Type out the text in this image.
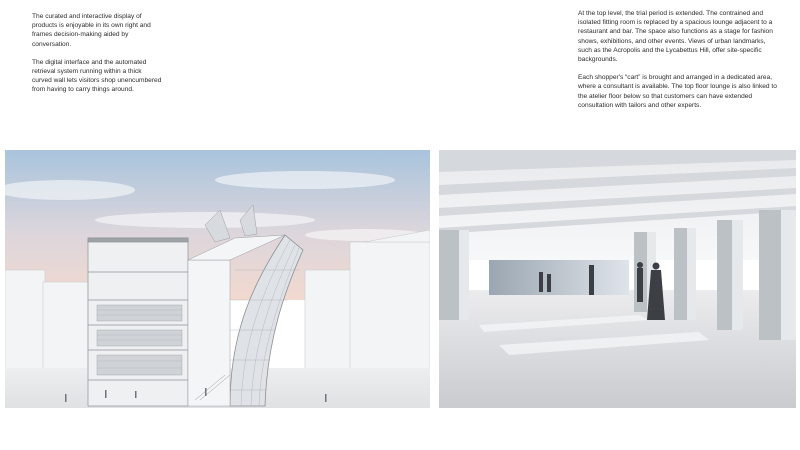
The curated and interactive display of products is enjoyable in its own right and frames decision-making aided by conversation.

The digital interface and the automated retrieval system running within a thick curved wall lets visitors shop unencumbered from having to carry things around.

At the top level, the trial period is extended. The contrained and isolated fitting room is replaced by a spacious lounge adjacent to a restaurant and bar. The space also functions as a stage for fashion shows, exhibitions, and other events. Views of urban landmarks, such as the Acropolis and the Lycabettus Hill, offer site-specific backgrounds.

Each shopper's “cart” is brought and arranged in a dedicated area, where a consultant is available. The top floor lounge is also linked to the atelier floor below so that customers can have extended consultation with tailors and other experts.
